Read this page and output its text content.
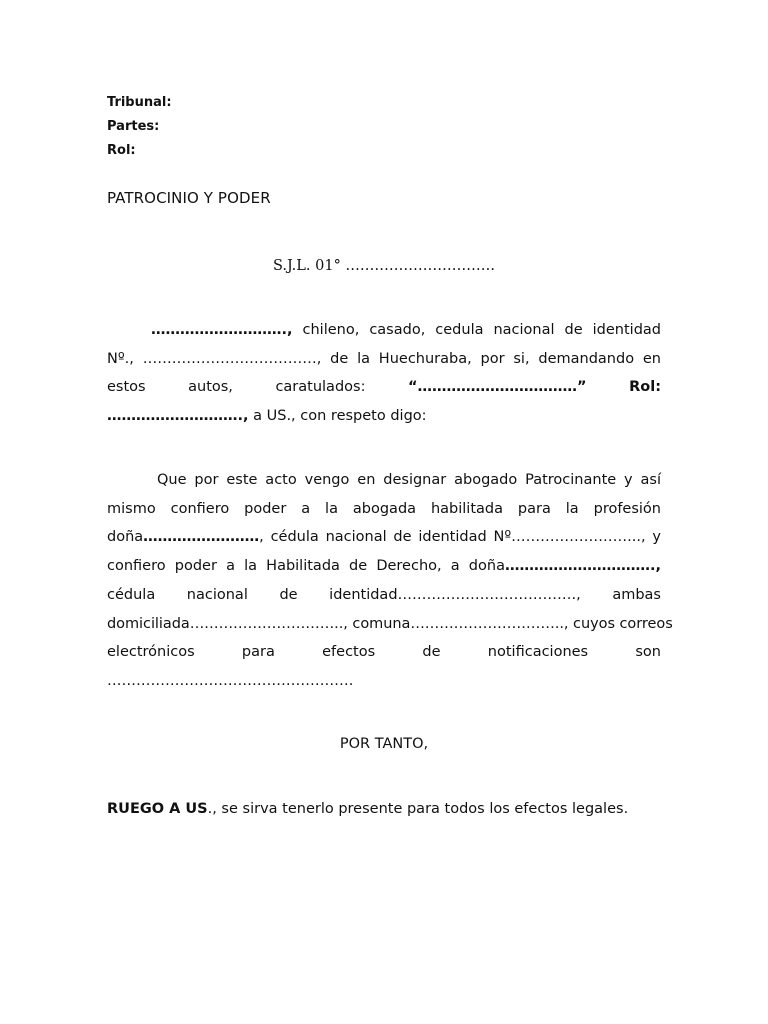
Tribunal:
Partes:
Rol:
PATROCINIO Y PODER
S.J.L. 01° ………………………….
………………………., chileno, casado, cedula nacional de identidad
Nº., ………………………………, de la Huechuraba, por si, demandando en
estos	autos,	caratulados:	“……………………………”	Rol:
………………………., a US., con respeto digo:
Que por este acto vengo en designar abogado Patrocinante y así
mismo confiero poder a la abogada habilitada para la profesión
doña……………………, cédula nacional de identidad Nº……………………..., y
confiero poder a la Habilitada de Derecho, a doña………………………….,
cédula nacional de identidad………………………………., ambas
domiciliada………………………….., comuna………………………….., cuyos correos
electrónicos para efectos de notificaciones son
……………………………………………
POR TANTO,
RUEGO A US., se sirva tenerlo presente para todos los efectos legales.
